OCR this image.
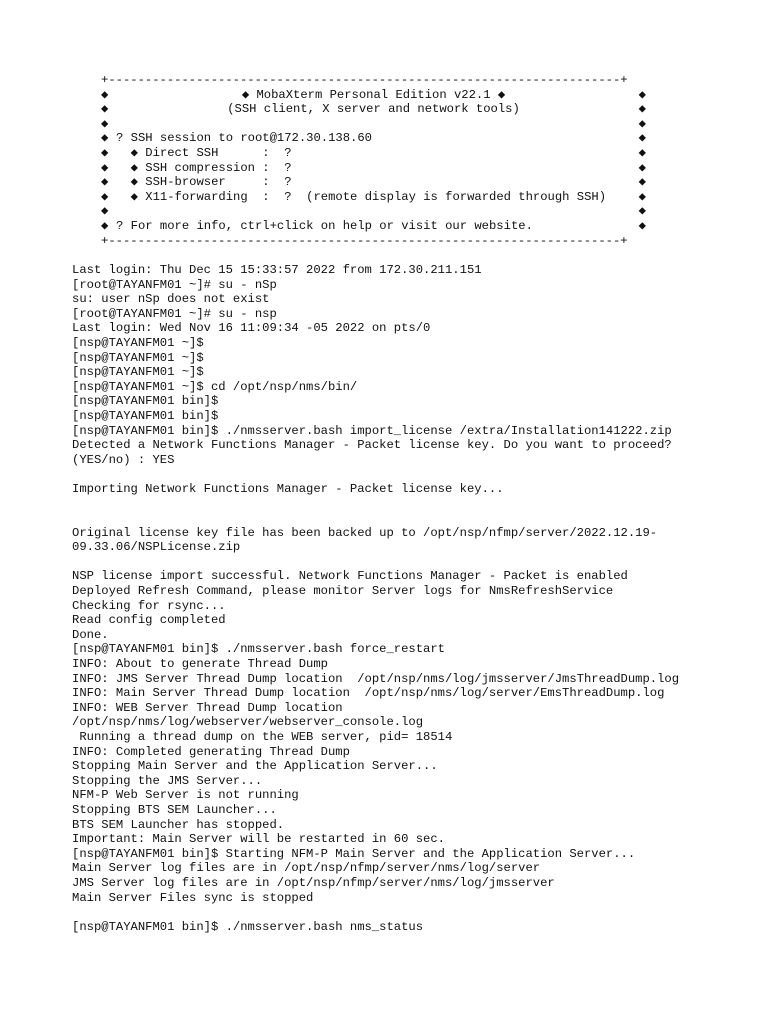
+----------------------------------------------------------------------+

◆

	◆ MobaXterm Personal Edition v22.1 ◆

	◆

◆

	(SSH client, X server and network tools)

	◆

◆

	◆

◆

? SSH session to root@172.30.138.60

	◆

◆

◆ Direct SSH      :  ?

	◆

◆

◆ SSH compression :  ?

	◆

◆

◆ SSH-browser     :  ?

	◆

◆

◆ X11-forwarding  :  ?  (remote display is forwarded through SSH)

	◆

◆

	◆

◆

? For more info, ctrl+click on help or visit our website.

	◆

+----------------------------------------------------------------------+
Last login: Thu Dec 15 15:33:57 2022 from 172.30.211.151
[root@TAYANFM01 ~]# su - nSp
su: user nSp does not exist
[root@TAYANFM01 ~]# su - nsp
Last login: Wed Nov 16 11:09:34 -05 2022 on pts/0
[nsp@TAYANFM01 ~]$
[nsp@TAYANFM01 ~]$
[nsp@TAYANFM01 ~]$
[nsp@TAYANFM01 ~]$ cd /opt/nsp/nms/bin/
[nsp@TAYANFM01 bin]$
[nsp@TAYANFM01 bin]$
[nsp@TAYANFM01 bin]$ ./nmsserver.bash import_license /extra/Installation141222.zip
Detected a Network Functions Manager - Packet license key. Do you want to proceed?
(YES/no) : YES
Importing Network Functions Manager - Packet license key...
Original license key file has been backed up to /opt/nsp/nfmp/server/2022.12.19-
09.33.06/NSPLicense.zip
NSP license import successful. Network Functions Manager - Packet is enabled
Deployed Refresh Command, please monitor Server logs for NmsRefreshService
Checking for rsync...
Read config completed
Done.
[nsp@TAYANFM01 bin]$ ./nmsserver.bash force_restart
INFO: About to generate Thread Dump
INFO: JMS Server Thread Dump location  /opt/nsp/nms/log/jmsserver/JmsThreadDump.log
INFO: Main Server Thread Dump location  /opt/nsp/nms/log/server/EmsThreadDump.log
INFO: WEB Server Thread Dump location
/opt/nsp/nms/log/webserver/webserver_console.log
Running a thread dump on the WEB server, pid= 18514
INFO: Completed generating Thread Dump
Stopping Main Server and the Application Server...
Stopping the JMS Server...
NFM-P Web Server is not running
Stopping BTS SEM Launcher...
BTS SEM Launcher has stopped.
Important: Main Server will be restarted in 60 sec.
[nsp@TAYANFM01 bin]$ Starting NFM-P Main Server and the Application Server...
Main Server log files are in /opt/nsp/nfmp/server/nms/log/server
JMS Server log files are in /opt/nsp/nfmp/server/nms/log/jmsserver
Main Server Files sync is stopped
[nsp@TAYANFM01 bin]$ ./nmsserver.bash nms_status
